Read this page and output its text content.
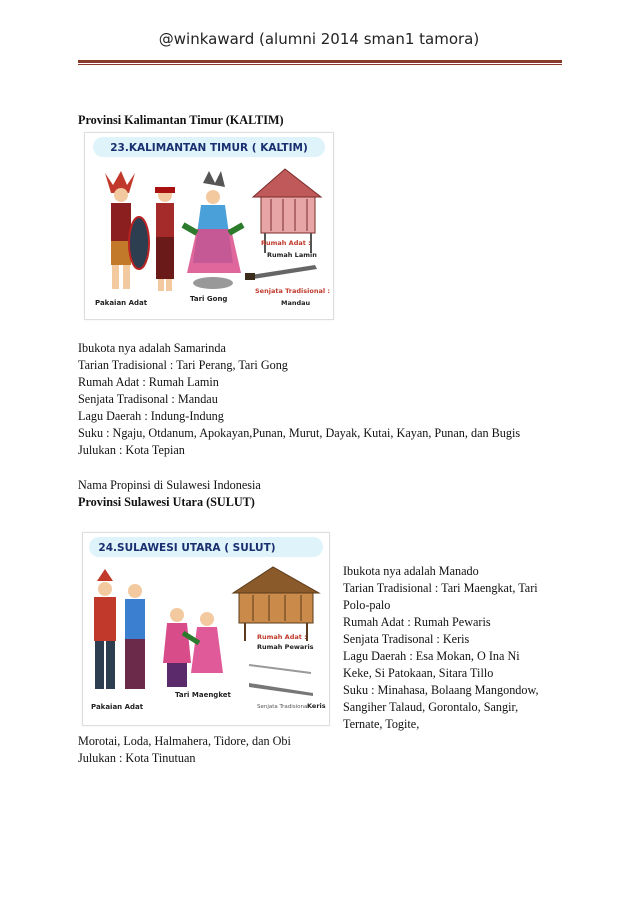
@winkaward (alumni 2014 sman1 tamora)
Provinsi Kalimantan Timur (KALTIM)
23.KALIMANTAN TIMUR ( KALTIM)
Tari Gong
Rumah Adat :
Rumah Lamin
Senjata Tradisional :
Mandau
Pakaian Adat
Ibukota nya adalah Samarinda
Tarian Tradisional : Tari Perang, Tari Gong
Rumah Adat : Rumah Lamin
Senjata Tradisonal : Mandau
Lagu Daerah : Indung-Indung
Suku : Ngaju, Otdanum, Apokayan,Punan, Murut, Dayak, Kutai, Kayan, Punan, dan Bugis
Julukan : Kota Tepian
Nama Propinsi di Sulawesi Indonesia
Provinsi Sulawesi Utara (SULUT)
24.SULAWESI UTARA ( SULUT)
Tari Maengket
Rumah Adat :
Rumah Pewaris
Senjata Tradisional
Keris
Pakaian Adat
Ibukota nya adalah Manado
Tarian Tradisional : Tari Maengkat, Tari
Polo-palo
Rumah Adat : Rumah Pewaris
Senjata Tradisonal : Keris
Lagu Daerah : Esa Mokan, O Ina Ni
Keke, Si Patokaan, Sitara Tillo
Suku : Minahasa, Bolaang Mangondow,
Sangiher Talaud, Gorontalo, Sangir,
Ternate, Togite,
Morotai, Loda, Halmahera, Tidore, dan Obi
Julukan : Kota Tinutuan
